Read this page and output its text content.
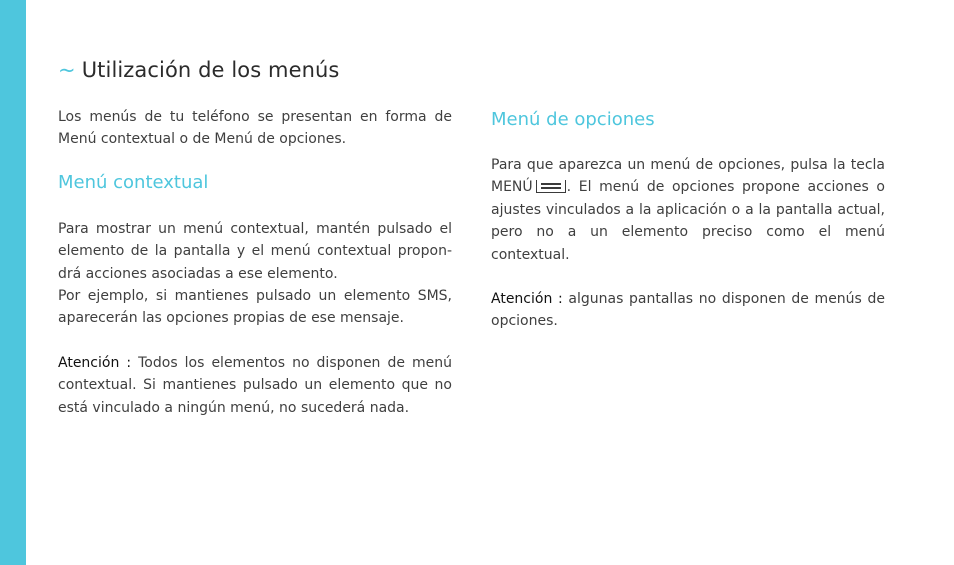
~ Utilización de los menús

Los menús de tu teléfono se presentan en forma de Menú contextual o de Menú de opciones.

Menú contextual

Para mostrar un menú contextual, mantén pulsado el elemento de la pantalla y el menú contextual propon-drá acciones asociadas a ese elemento.

Por ejemplo, si mantienes pulsado un elemento SMS, aparecerán las opciones propias de ese mensaje.

Atención : Todos los elementos no disponen de menú contextual. Si mantienes pulsado un elemento que no está vinculado a ningún menú, no sucederá nada.

Menú de opciones

Para que aparezca un menú de opciones, pulsa la tecla MENÚ . El menú de opciones propone acciones o ajustes vinculados a la aplicación o a la pantalla actual, pero no a un elemento preciso como el menú contextual.

Atención : algunas pantallas no disponen de menús de opciones.
